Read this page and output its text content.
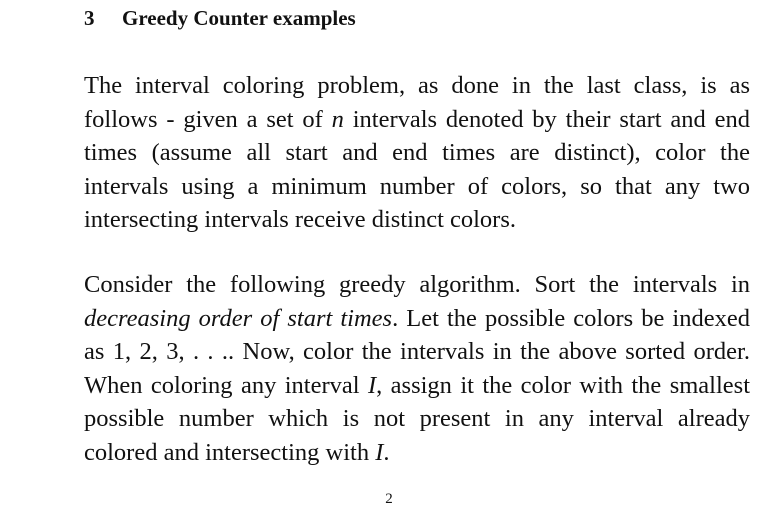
3 Greedy Counter examples

The interval coloring problem, as done in the last class, is as follows - given a set of n intervals denoted by their start and end times (assume all start and end times are distinct), color the intervals using a minimum number of colors, so that any two intersecting intervals receive distinct colors.

Consider the following greedy algorithm. Sort the intervals in decreasing order of start times. Let the possible colors be indexed as 1, 2, 3, . . .. Now, color the intervals in the above sorted order. When coloring any interval I, assign it the color with the smallest possible number which is not present in any interval already colored and intersecting with I.

2
